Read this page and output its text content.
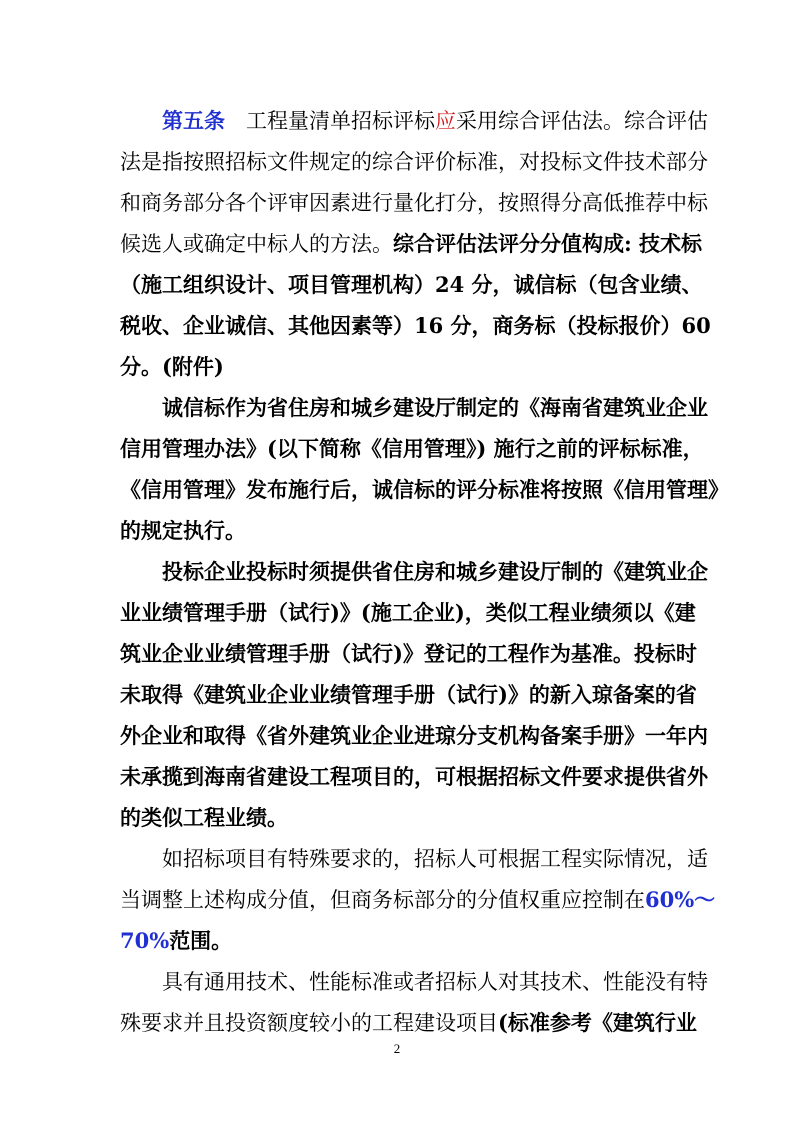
第五条　 工程量清单招标评标应采用综合评估法。综合评估
法是指按照招标文件规定的综合评价标准，对投标文件技术部分
和商务部分各个评审因素进行量化打分，按照得分高低推荐中标
候选人或确定中标人的方法。综合评估法评分分值构成: 技术标
（施工组织设计、项目管理机构）24 分，诚信标（包含业绩、
税收、企业诚信、其他因素等）16 分，商务标（投标报价）60
分。(附件)
诚信标作为省住房和城乡建设厅制定的《海南省建筑业企业
信用管理办法》(以下简称《信用管理》) 施行之前的评标标准，
《信用管理》发布施行后，诚信标的评分标准将按照《信用管理》
的规定执行。
投标企业投标时须提供省住房和城乡建设厅制的《建筑业企
业业绩管理手册（试行)》(施工企业)，类似工程业绩须以《建
筑业企业业绩管理手册（试行)》登记的工程作为基准。投标时
未取得《建筑业企业业绩管理手册（试行)》的新入琼备案的省
外企业和取得《省外建筑业企业进琼分支机构备案手册》一年内
未承揽到海南省建设工程项目的，可根据招标文件要求提供省外
的类似工程业绩。
如招标项目有特殊要求的，招标人可根据工程实际情况，适
当调整上述构成分值，但商务标部分的分值权重应控制在60%～
70%范围。
具有通用技术、性能标准或者招标人对其技术、性能没有特
殊要求并且投资额度较小的工程建设项目(标准参考《建筑行业
2
